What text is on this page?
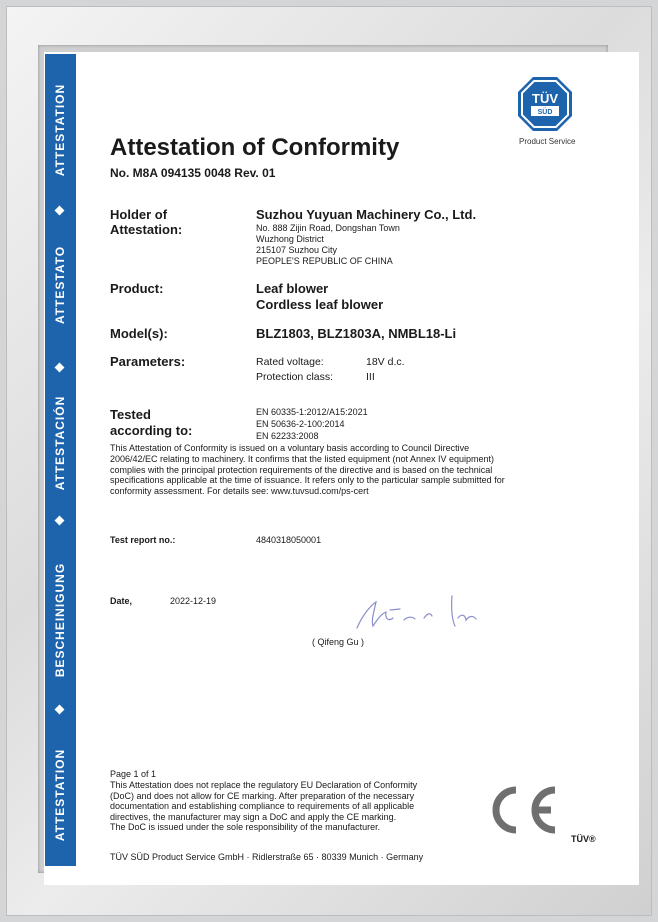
ATTESTATION
ATTESTATO
ATTESTACIÓN
BESCHEINIGUNG
ATTESTATION
TÜV
SÜD
Product Service
Attestation of Conformity
No. M8A 094135 0048 Rev. 01
Holder of
Attestation:
Suzhou Yuyuan Machinery Co., Ltd.
No. 888 Zijin Road, Dongshan Town
Wuzhong District
215107 Suzhou City
PEOPLE'S REPUBLIC OF CHINA
Product:	Leaf blower
Cordless leaf blower
Model(s):	BLZ1803, BLZ1803A, NMBL18-Li
Parameters:	Rated voltage:	18V d.c.
Protection class:	III
Tested
according to:
EN 60335-1:2012/A15:2021
EN 50636-2-100:2014
EN 62233:2008
This Attestation of Conformity is issued on a voluntary basis according to Council Directive
2006/42/EC relating to machinery. It confirms that the listed equipment (not Annex IV equipment)
complies with the principal protection requirements of the directive and is based on the technical
specifications applicable at the time of issuance. It refers only to the particular sample submitted for
conformity assessment. For details see: www.tuvsud.com/ps-cert
Test report no.:	4840318050001
Date,	2022-12-19
( Qifeng Gu )
Page 1 of 1
This Attestation does not replace the regulatory EU Declaration of Conformity
(DoC) and does not allow for CE marking. After preparation of the necessary
documentation and establishing compliance to requirements of all applicable
directives, the manufacturer may sign a DoC and apply the CE marking.
The DoC is issued under the sole responsibility of the manufacturer.
TÜV SÜD Product Service GmbH · Ridlerstraße 65 · 80339 Munich · Germany
TÜV®
